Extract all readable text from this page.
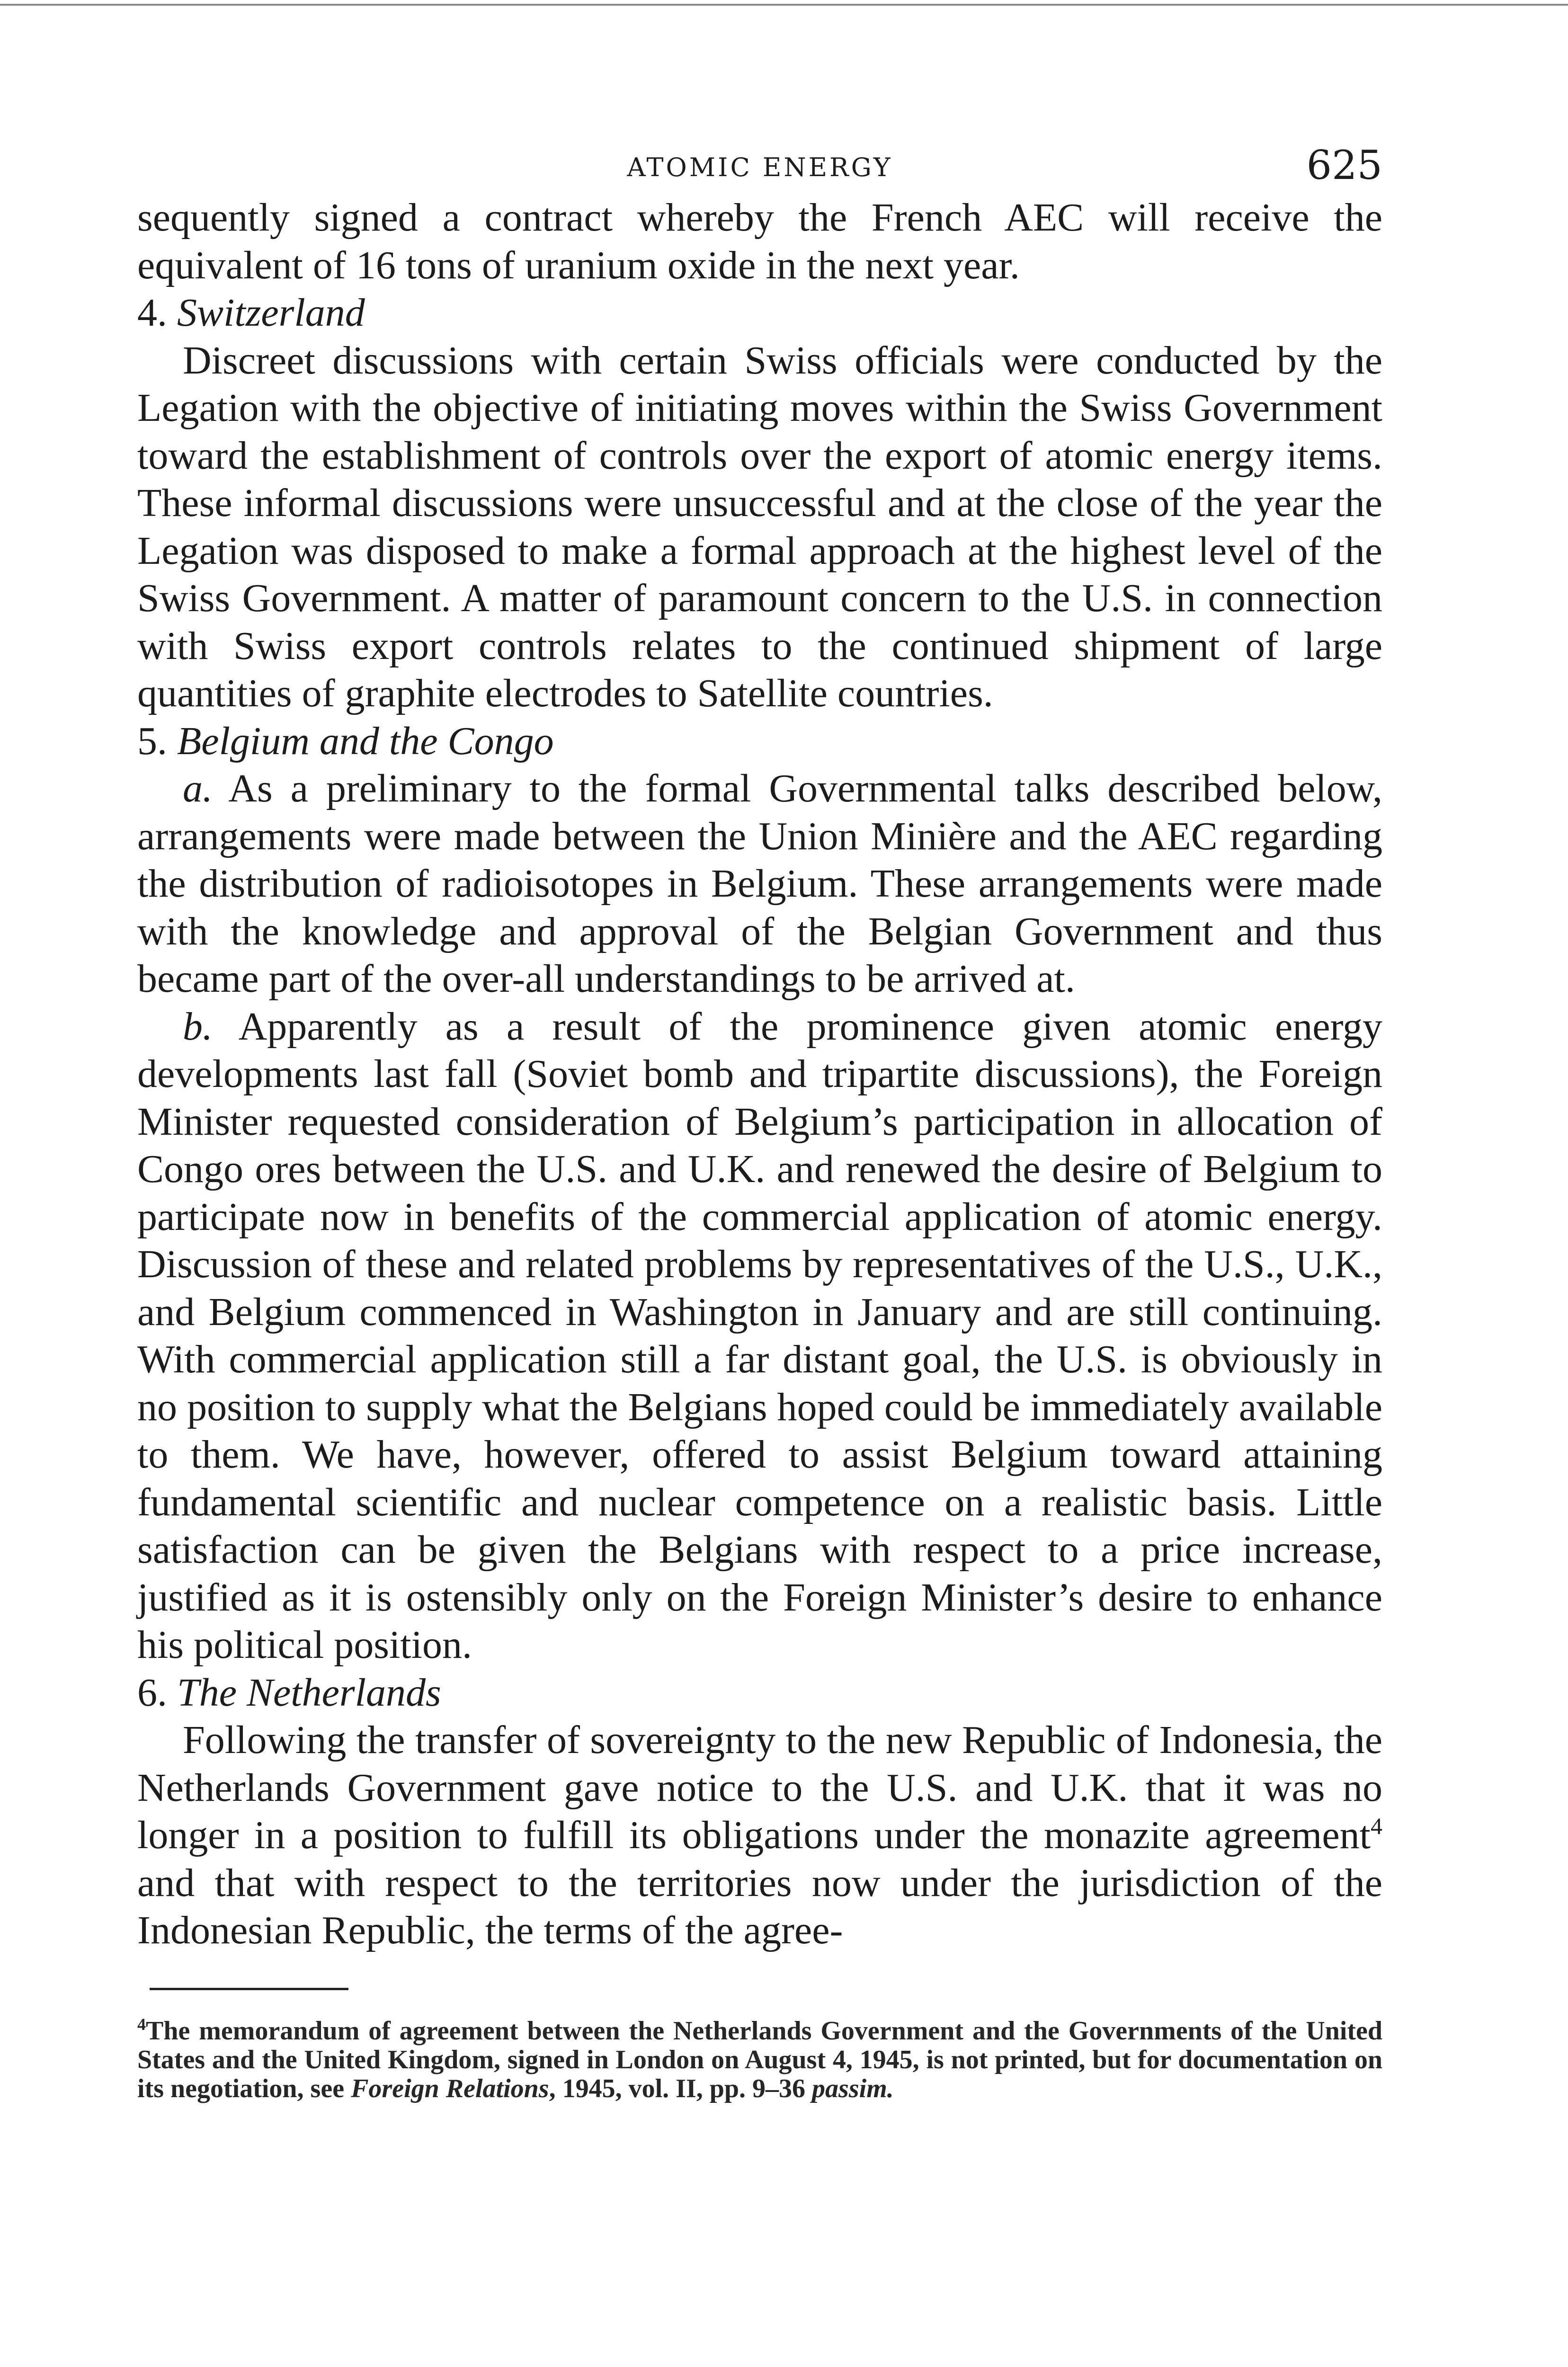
ATOMIC ENERGY	625

sequently signed a contract whereby the French AEC will receive the equivalent of 16 tons of uranium oxide in the next year.

4. Switzerland

Discreet discussions with certain Swiss officials were conducted by the Legation with the objective of initiating moves within the Swiss Government toward the establishment of controls over the export of atomic energy items. These informal discussions were unsuccessful and at the close of the year the Legation was disposed to make a formal approach at the highest level of the Swiss Government. A matter of paramount concern to the U.S. in connection with Swiss export controls relates to the continued shipment of large quantities of graphite electrodes to Satellite countries.

5. Belgium and the Congo

a. As a preliminary to the formal Governmental talks described below, arrangements were made between the Union Minière and the AEC regarding the distribution of radioisotopes in Belgium. These arrangements were made with the knowledge and approval of the Belgian Government and thus became part of the over-all understandings to be arrived at.

b. Apparently as a result of the prominence given atomic energy developments last fall (Soviet bomb and tripartite discussions), the Foreign Minister requested consideration of Belgium’s participation in allocation of Congo ores between the U.S. and U.K. and renewed the desire of Belgium to participate now in benefits of the commercial application of atomic energy. Discussion of these and related problems by representatives of the U.S., U.K., and Belgium commenced in Washington in January and are still continuing. With commercial application still a far distant goal, the U.S. is obviously in no position to supply what the Belgians hoped could be immediately available to them. We have, however, offered to assist Belgium toward attaining fundamental scientific and nuclear competence on a realistic basis. Little satisfaction can be given the Belgians with respect to a price increase, justified as it is ostensibly only on the Foreign Minister’s desire to enhance his political position.

6. The Netherlands

Following the transfer of sovereignty to the new Republic of Indonesia, the Netherlands Government gave notice to the U.S. and U.K. that it was no longer in a position to fulfill its obligations under the monazite agreement$^4$ and that with respect to the territories now under the jurisdiction of the Indonesian Republic, the terms of the agree-

$^4$The memorandum of agreement between the Netherlands Government and the Governments of the United States and the United Kingdom, signed in London on August 4, 1945, is not printed, but for documentation on its negotiation, see Foreign Relations, 1945, vol. II, pp. 9–36 passim.
